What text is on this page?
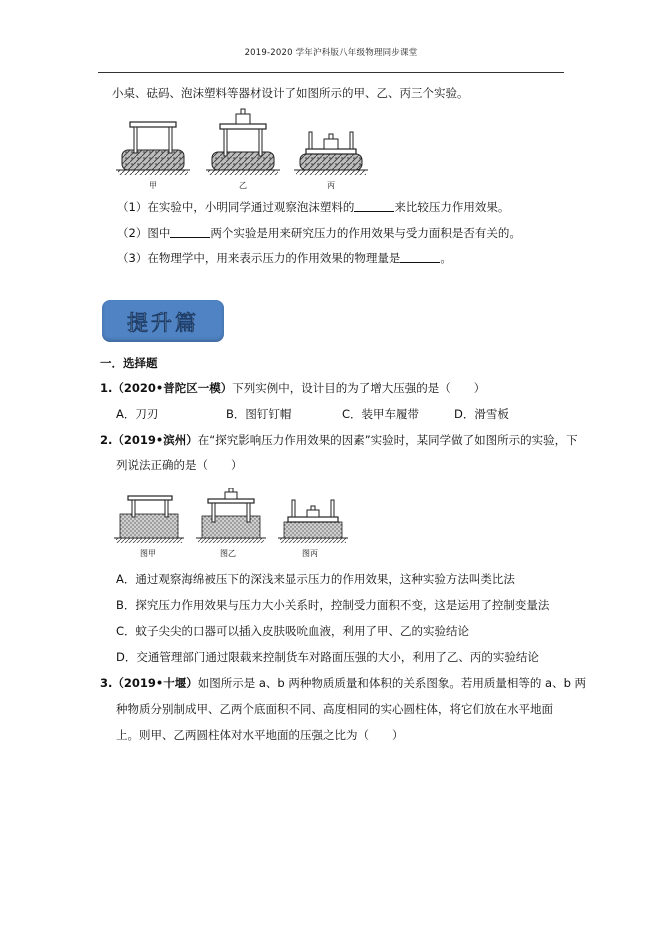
2019-2020 学年沪科版八年级物理同步课堂
小桌、砝码、泡沫塑料等器材设计了如图所示的甲、乙、丙三个实验。
甲	乙	丙
（1）在实验中，小明同学通过观察泡沫塑料的	来比较压力作用效果。
（2）图中	两个实验是用来研究压力的作用效果与受力面积是否有关的。
（3）在物理学中，用来表示压力的作用效果的物理量是	。
提升篇
一．选择题
1.（2020•普陀区一模）下列实例中，设计目的为了增大压强的是（　　）
A．刀刃	B．图钉钉帽	C．装甲车履带	D．滑雪板
2.（2019•滨州）在“探究影响压力作用效果的因素”实验时，某同学做了如图所示的实验，下
列说法正确的是（　　）
图甲	图乙	图丙
A．通过观察海绵被压下的深浅来显示压力的作用效果，这种实验方法叫类比法
B．探究压力作用效果与压力大小关系时，控制受力面积不变，这是运用了控制变量法
C．蚊子尖尖的口器可以插入皮肤吸吮血液，利用了甲、乙的实验结论
D．交通管理部门通过限载来控制货车对路面压强的大小，利用了乙、丙的实验结论
3.（2019•十堰）如图所示是 a、b 两种物质质量和体积的关系图象。若用质量相等的 a、b 两
种物质分别制成甲、乙两个底面积不同、高度相同的实心圆柱体，将它们放在水平地面
上。则甲、乙两圆柱体对水平地面的压强之比为（　　）
